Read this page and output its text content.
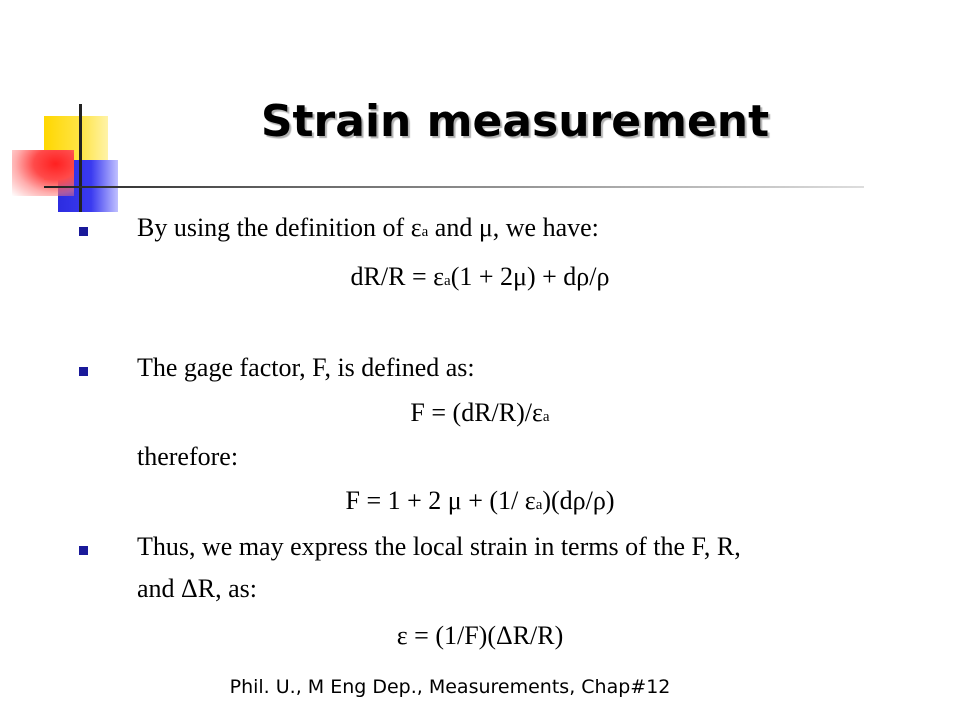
Strain measurement
By using the definition of εa and μ, we have:
dR/R = εa(1 + 2μ) + dρ/ρ
The gage factor, F, is defined as:
F = (dR/R)/εa
therefore:
F = 1 + 2 μ + (1/ εa)(dρ/ρ)
Thus, we may express the local strain in terms of the F, R,
and ΔR, as:
ε = (1/F)(ΔR/R)
Phil. U., M Eng Dep., Measurements, Chap#12
